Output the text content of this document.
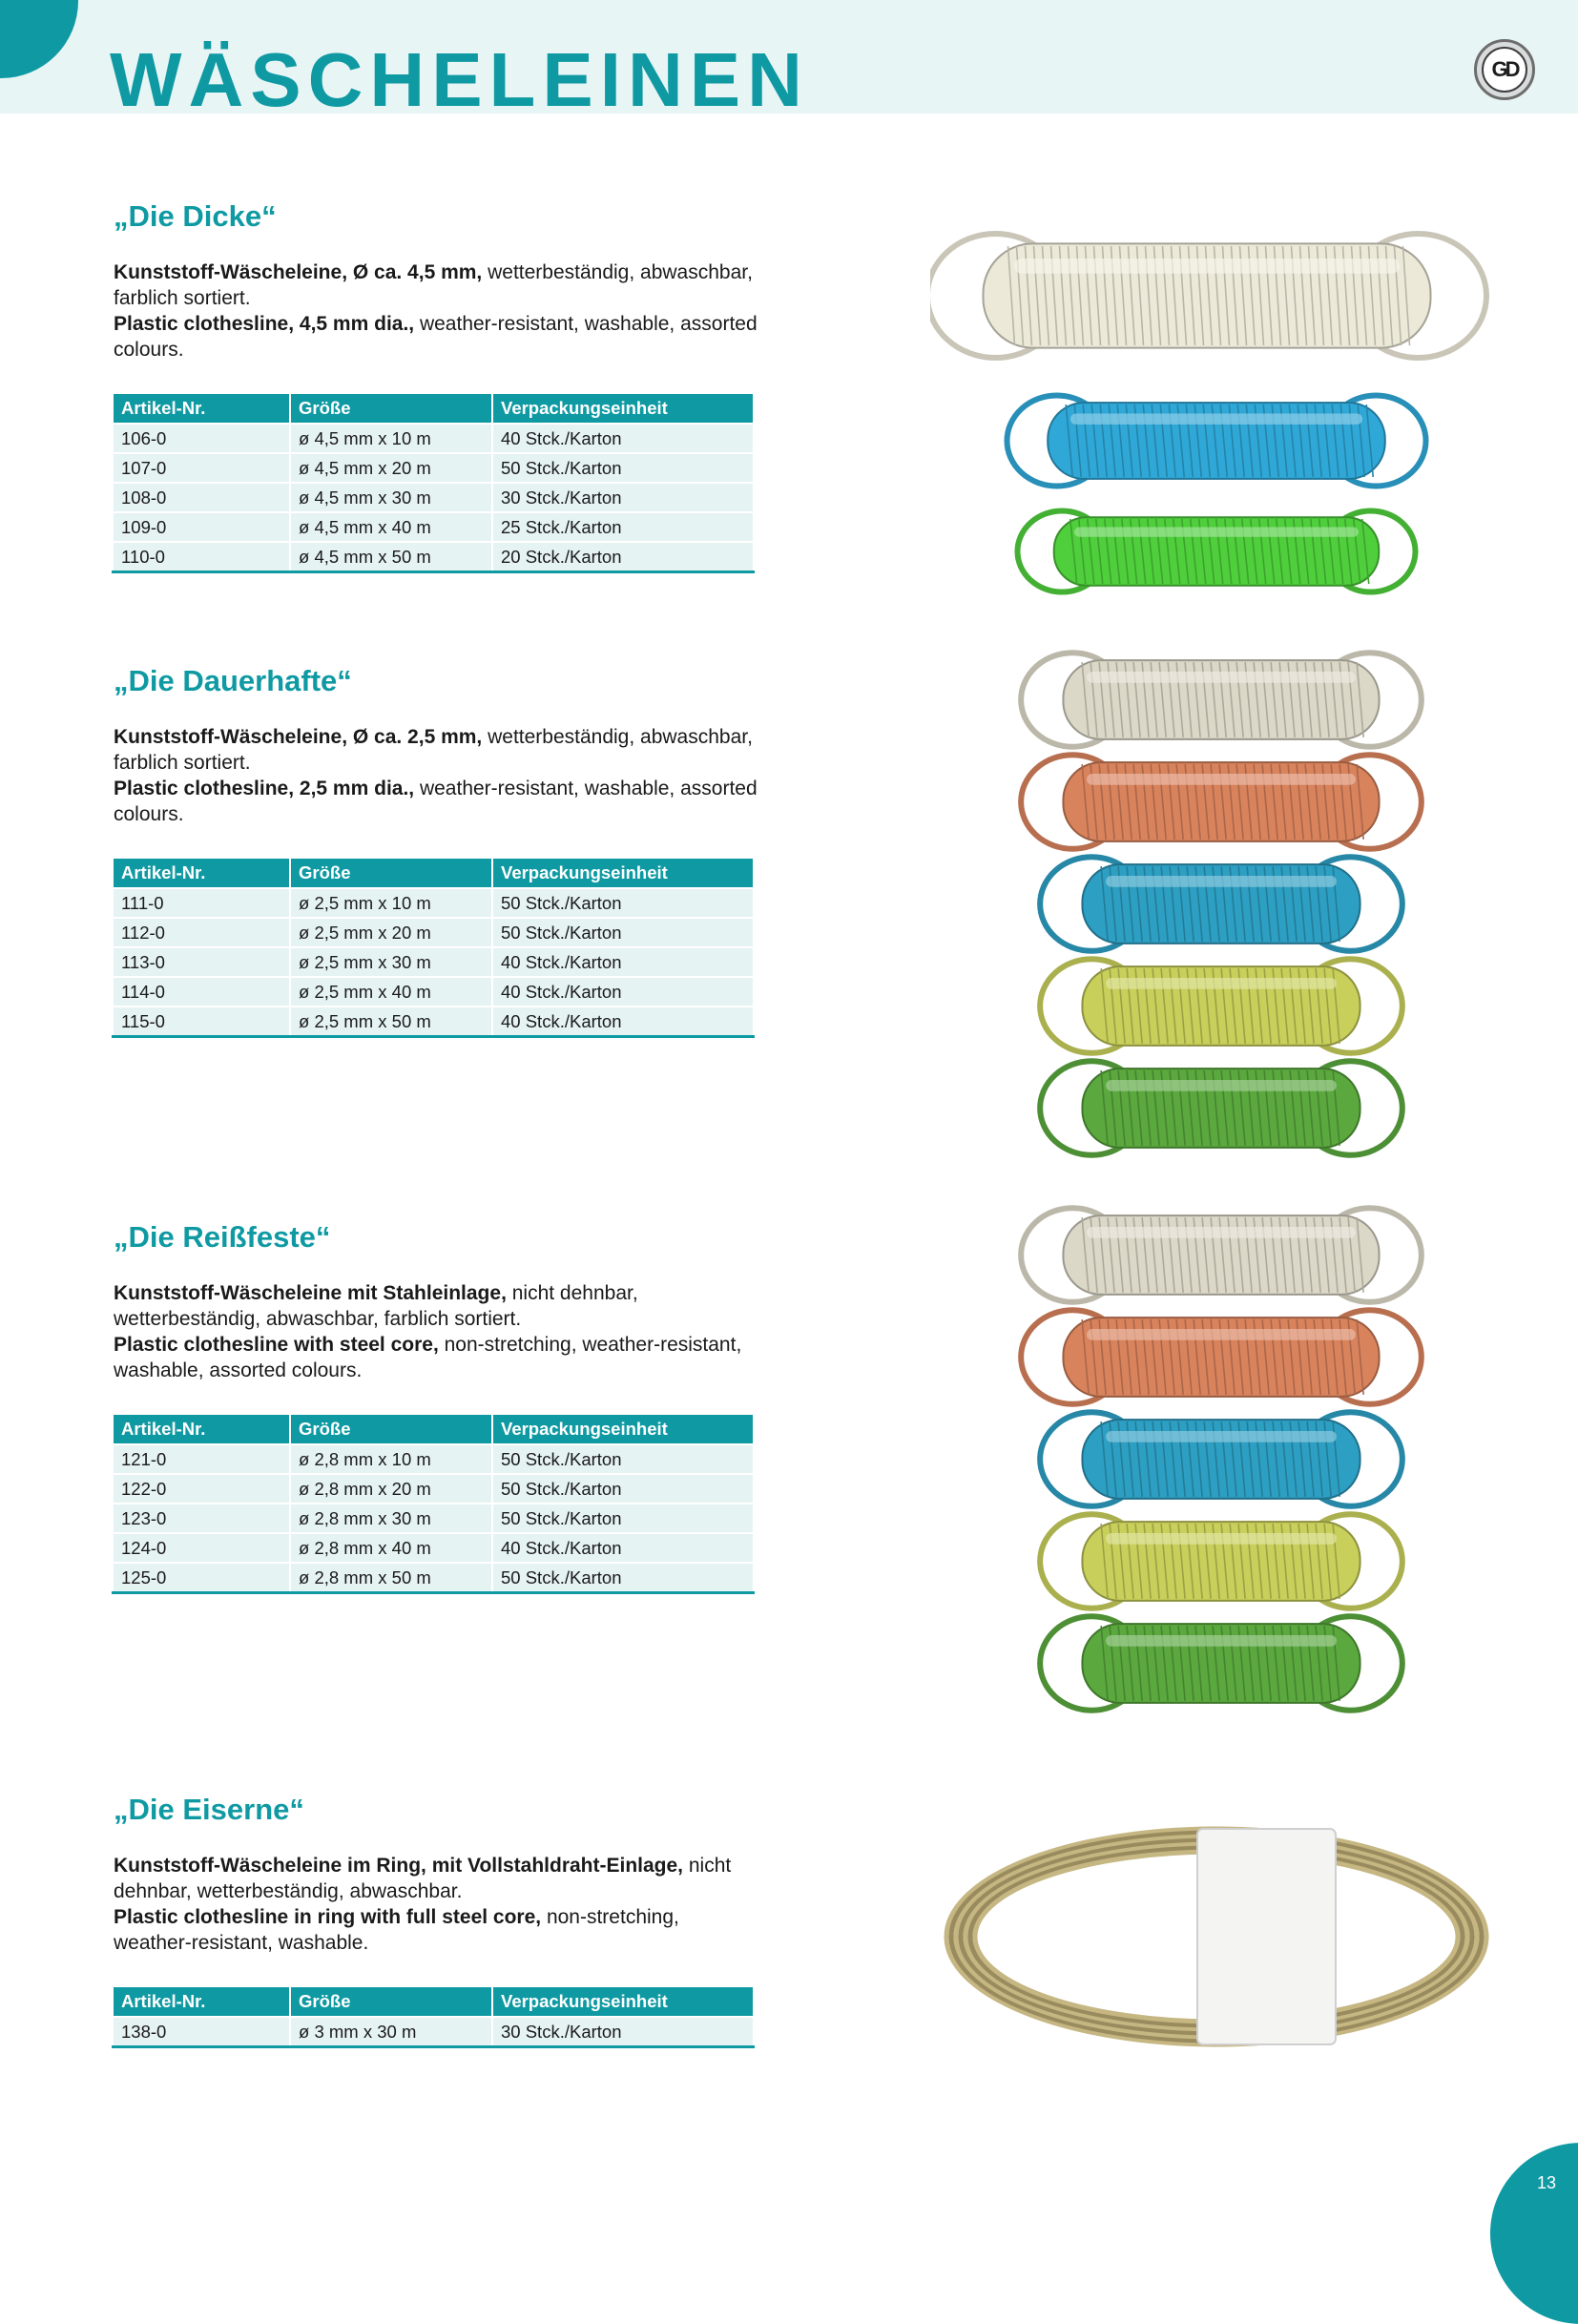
WÄSCHELEINEN	GD
„Die Dicke“

Kunststoff-Wäscheleine, Ø ca. 4,5 mm, wetterbeständig, abwaschbar, farblich sortiert.

Plastic clothesline, 4,5 mm dia., weather-resistant, washable, assorted colours.

Artikel-Nr.	Größe	Verpackungseinheit
106-0	ø 4,5 mm x 10 m	40 Stck./Karton
107-0	ø 4,5 mm x 20 m	50 Stck./Karton
108-0	ø 4,5 mm x 30 m	30 Stck./Karton
109-0	ø 4,5 mm x 40 m	25 Stck./Karton
110-0	ø 4,5 mm x 50 m	20 Stck./Karton
„Die Dauerhafte“

Kunststoff-Wäscheleine, Ø ca. 2,5 mm, wetterbeständig, abwaschbar, farblich sortiert.

Plastic clothesline, 2,5 mm dia., weather-resistant, washable, assorted colours.

Artikel-Nr.	Größe	Verpackungseinheit
111-0	ø 2,5 mm x 10 m	50 Stck./Karton
112-0	ø 2,5 mm x 20 m	50 Stck./Karton
113-0	ø 2,5 mm x 30 m	40 Stck./Karton
114-0	ø 2,5 mm x 40 m	40 Stck./Karton
115-0	ø 2,5 mm x 50 m	40 Stck./Karton
„Die Reißfeste“

Kunststoff-Wäscheleine mit Stahleinlage, nicht dehnbar, wetterbeständig, abwaschbar, farblich sortiert.

Plastic clothesline with steel core, non-stretching, weather-resistant, washable, assorted colours.

Artikel-Nr.	Größe	Verpackungseinheit
121-0	ø 2,8 mm x 10 m	50 Stck./Karton
122-0	ø 2,8 mm x 20 m	50 Stck./Karton
123-0	ø 2,8 mm x 30 m	50 Stck./Karton
124-0	ø 2,8 mm x 40 m	40 Stck./Karton
125-0	ø 2,8 mm x 50 m	50 Stck./Karton
„Die Eiserne“

Kunststoff-Wäscheleine im Ring, mit Vollstahldraht-Einlage, nicht dehnbar, wetterbeständig, abwaschbar.

Plastic clothesline in ring with full steel core, non-stretching, weather-resistant, washable.

Artikel-Nr.	Größe	Verpackungseinheit
138-0	ø 3 mm x 30 m	30 Stck./Karton
13
